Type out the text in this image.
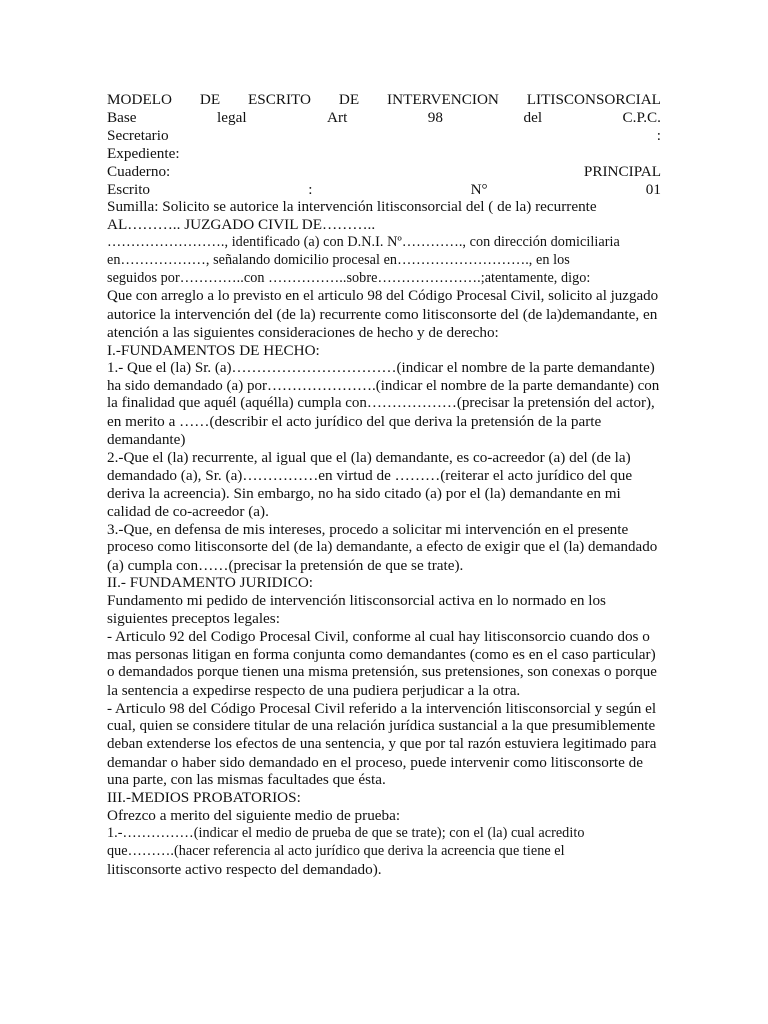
MODELO DE ESCRITO DE INTERVENCION LITISCONSORCIAL
Base	legal	Art	98	del	C.P.C.
Secretario	:
Expediente:
Cuaderno:	PRINCIPAL
Escrito	:	N°	01
Sumilla: Solicito se autorice la intervención litisconsorcial del ( de la) recurrente
AL……….. JUZGADO CIVIL DE………..
……………………., identificado (a) con D.N.I. Nº…………., con dirección domiciliaria
en………………, señalando domicilio procesal en………………………., en los
seguidos por…………..con ……………..sobre………………….;atentamente, digo:
Que con arreglo a lo previsto en el articulo 98 del Código Procesal Civil, solicito al juzgado
autorice la intervención del (de la) recurrente como litisconsorte del (de la)demandante, en
atención a las siguientes consideraciones de hecho y de derecho:
I.-FUNDAMENTOS DE HECHO:
1.- Que el (la) Sr. (a)……………………………(indicar el nombre de la parte demandante)
ha sido demandado (a) por………………….(indicar el nombre de la parte demandante) con
la finalidad que aquél (aquélla) cumpla con………………(precisar la pretensión del actor),
en merito a ……(describir el acto jurídico del que deriva la pretensión de la parte
demandante)
2.-Que el (la) recurrente, al igual que el (la) demandante, es co-acreedor (a) del (de la)
demandado (a), Sr. (a)……………en virtud de ………(reiterar el acto jurídico del que
deriva la acreencia). Sin embargo, no ha sido citado (a) por el (la) demandante en mi
calidad de co-acreedor (a).
3.-Que, en defensa de mis intereses, procedo a solicitar mi intervención en el presente
proceso como litisconsorte del (de la) demandante, a efecto de exigir que el (la) demandado
(a) cumpla con……(precisar la pretensión de que se trate).
II.- FUNDAMENTO JURIDICO:
Fundamento mi pedido de intervención litisconsorcial activa en lo normado en los
siguientes preceptos legales:
- Articulo 92 del Codigo Procesal Civil, conforme al cual hay litisconsorcio cuando dos o
mas personas litigan en forma conjunta como demandantes (como es en el caso particular)
o demandados porque tienen una misma pretensión, sus pretensiones, son conexas o porque
la sentencia a expedirse respecto de una pudiera perjudicar a la otra.
- Articulo 98 del Código Procesal Civil referido a la intervención litisconsorcial y según el
cual, quien se considere titular de una relación jurídica sustancial a la que presumiblemente
deban extenderse los efectos de una sentencia, y que por tal razón estuviera legitimado para
demandar o haber sido demandado en el proceso, puede intervenir como litisconsorte de
una parte, con las mismas facultades que ésta.
III.-MEDIOS PROBATORIOS:
Ofrezco a merito del siguiente medio de prueba:
1.-……………(indicar el medio de prueba de que se trate); con el (la) cual acredito
que……….(hacer referencia al acto jurídico que deriva la acreencia que tiene el
litisconsorte activo respecto del demandado).
